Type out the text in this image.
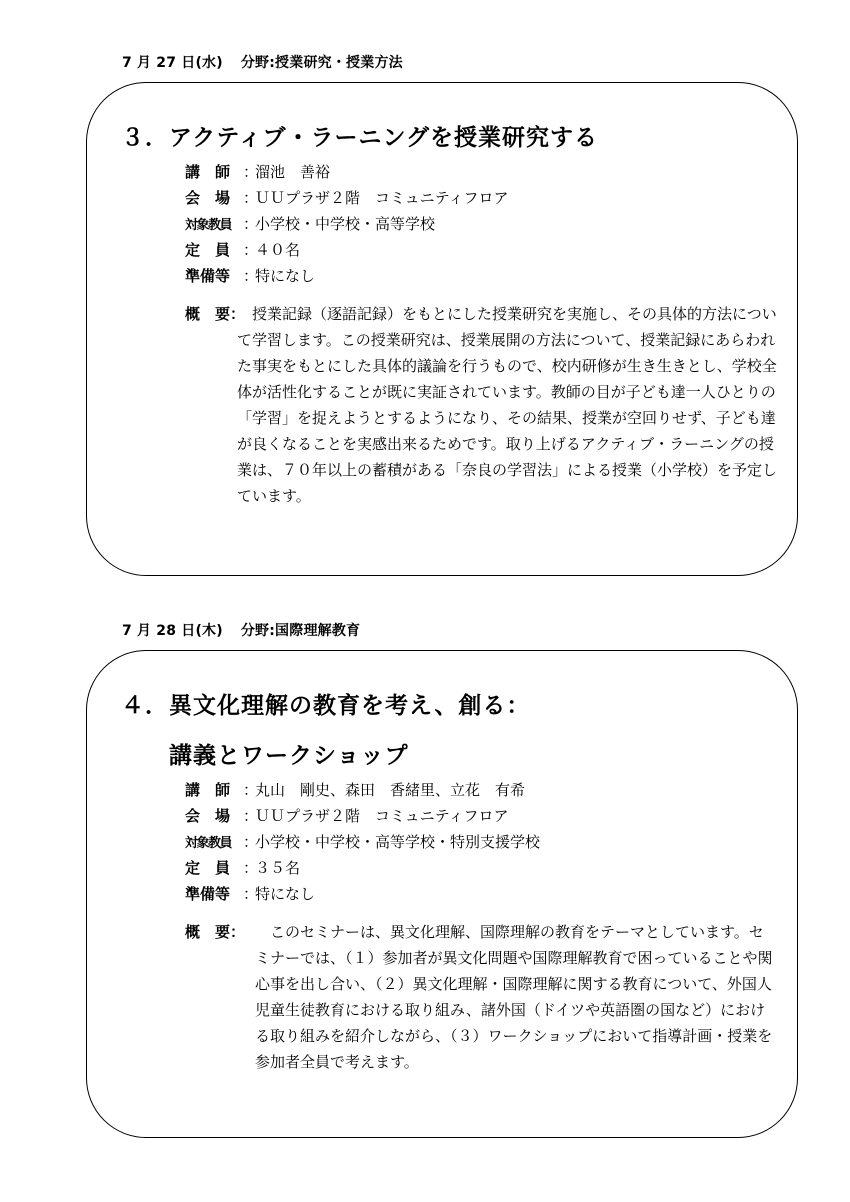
7 月 27 日(水) 分野:授業研究・授業方法
３．アクティブ・ラーニングを授業研究する
講　師 ：溜池　善裕
会　場 ：ＵＵプラザ２階　コミュニティフロア
対象教員 ：小学校・中学校・高等学校
定　員 ：４０名
準備等 ：特になし
概　要：
　授業記録（逐語記録）をもとにした授業研究を実施し、その具体的方法について学習します。この授業研究は、授業展開の方法について、授業記録にあらわれた事実をもとにした具体的議論を行うもので、校内研修が生き生きとし、学校全体が活性化することが既に実証されています。教師の目が子ども達一人ひとりの「学習」を捉えようとするようになり、その結果、授業が空回りせず、子ども達が良くなることを実感出来るためです。取り上げるアクティブ・ラーニングの授業は、７０年以上の蓄積がある「奈良の学習法」による授業（小学校）を予定しています。
7 月 28 日(木) 分野:国際理解教育
４．異文化理解の教育を考え、創る：
講義とワークショップ
講　師 ：丸山　剛史、森田　香緒里、立花　有希
会　場 ：ＵＵプラザ２階　コミュニティフロア
対象教員 ：小学校・中学校・高等学校・特別支援学校
定　員 ：３５名
準備等 ：特になし
概　要： 　このセミナーは、異文化理解、国際理解の教育をテーマとしています。セミナーでは、（１）参加者が異文化問題や国際理解教育で困っていることや関心事を出し合い、（２）異文化理解・国際理解に関する教育について、外国人児童生徒教育における取り組み、諸外国（ドイツや英語圏の国など）における取り組みを紹介しながら、（３）ワークショップにおいて指導計画・授業を参加者全員で考えます。
